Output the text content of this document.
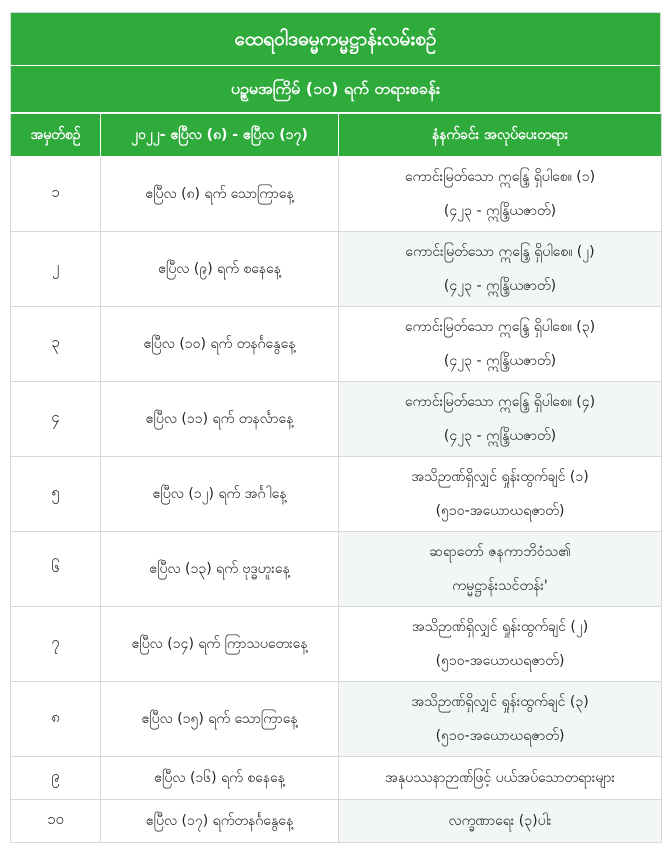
ထေရဝါဒဓမ္မကမ္မဋ္ဌာန်းလမ်းစဉ်
ပဉ္စမအကြိမ် (၁၀) ရက် တရားစခန်း
အမှတ်စဉ်	၂၀၂၂- ဧပြီလ (၈) - ဧပြီလ (၁၇)	နံနက်ခင်း အလုပ်ပေးတရား
၁	ဧပြီလ (၈) ရက် သောကြာနေ့	ကောင်းမြတ်သော ဣန္ဒြေ ရှိပါစေ။ (၁)
(၄၂၃ - ဣန္ဒြိယဇာတ်)

၂	ဧပြီလ (၉) ရက် စနေနေ့	ကောင်းမြတ်သော ဣန္ဒြေ ရှိပါစေ။ (၂)
(၄၂၃ - ဣန္ဒြိယဇာတ်)

၃	ဧပြီလ (၁၀) ရက် တနင်္ဂနွေနေ့	ကောင်းမြတ်သော ဣန္ဒြေ ရှိပါစေ။ (၃)
(၄၂၃ - ဣန္ဒြိယဇာတ်)

၄	ဧပြီလ (၁၁) ရက် တနင်္လာနေ့	ကောင်းမြတ်သော ဣန္ဒြေ ရှိပါစေ။ (၄)
(၄၂၃ - ဣန္ဒြိယဇာတ်)

၅	ဧပြီလ (၁၂) ရက် အင်္ဂါနေ့	အသိဉာဏ်ရှိလျှင် ရှုန်းထွက်ချင် (၁)
(၅၁၀-အယောဃရဇာတ်)

၆	ဧပြီလ (၁၃) ရက် ဗုဒ္ဓဟူးနေ့	ဆရာတော် ဇနကာဘိဝံသ၏
ကမ္မဋ္ဌာန်းသင်တန်း'

၇	ဧပြီလ (၁၄) ရက် ကြာသပတေးနေ့	အသိဉာဏ်ရှိလျှင် ရှုန်းထွက်ချင် (၂)
(၅၁၀-အယောဃရဇာတ်)

၈	ဧပြီလ (၁၅) ရက် သောကြာနေ့	အသိဉာဏ်ရှိလျှင် ရှုန်းထွက်ချင် (၃)
(၅၁၀-အယောဃရဇာတ်)

၉	ဧပြီလ (၁၆) ရက် စနေနေ့	အနုပဿနာဉာဏ်ဖြင့် ပယ်အပ်သောတရားများ
၁၀	ဧပြီလ (၁၇) ရက်တနင်္ဂနွေနေ့	လက္ခဏာရေး (၃)ပါး
